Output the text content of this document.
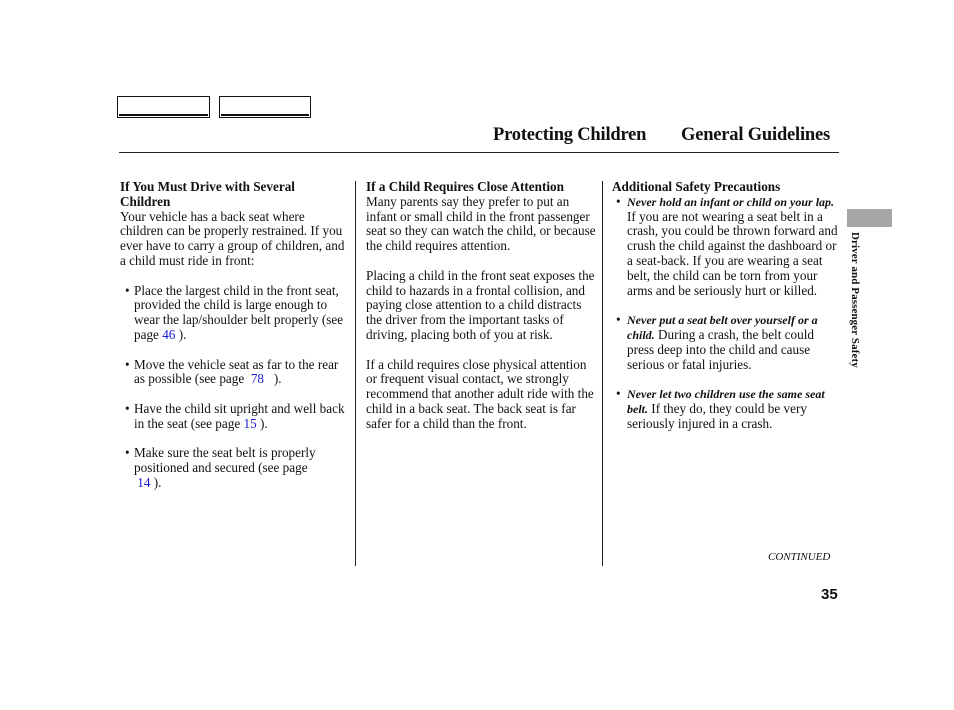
Protecting Children General Guidelines
If You Must Drive with Several Children

Your vehicle has a back seat where children can be properly restrained. If you ever have to carry a group of children, and a child must ride in front:

• Place the largest child in the front seat, provided the child is large enough to wear the lap/shoulder belt properly (see page 46 ).
• Move the vehicle seat as far to the rear as possible (see page  78   ).
• Have the child sit upright and well back in the seat (see page 15 ).
• Make sure the seat belt is properly positioned and secured (see page
14 ).
If a Child Requires Close Attention

Many parents say they prefer to put an infant or small child in the front passenger seat so they can watch the child, or because the child requires attention.

Placing a child in the front seat exposes the child to hazards in a frontal collision, and paying close attention to a child distracts the driver from the important tasks of driving, placing both of you at risk.

If a child requires close physical attention or frequent visual contact, we strongly recommend that another adult ride with the child in a back seat. The back seat is far safer for a child than the front.

Additional Safety Precautions
• Never hold an infant or child on your lap. If you are not wearing a seat belt in a crash, you could be thrown forward and crush the child against the dashboard or a seat-back. If you are wearing a seat belt, the child can be torn from your arms and be seriously hurt or killed.
• Never put a seat belt over yourself or a child. During a crash, the belt could press deep into the child and cause serious or fatal injuries.
• Never let two children use the same seat belt. If they do, they could be very seriously injured in a crash.
Driver and Passenger Safety
CONTINUED
35
